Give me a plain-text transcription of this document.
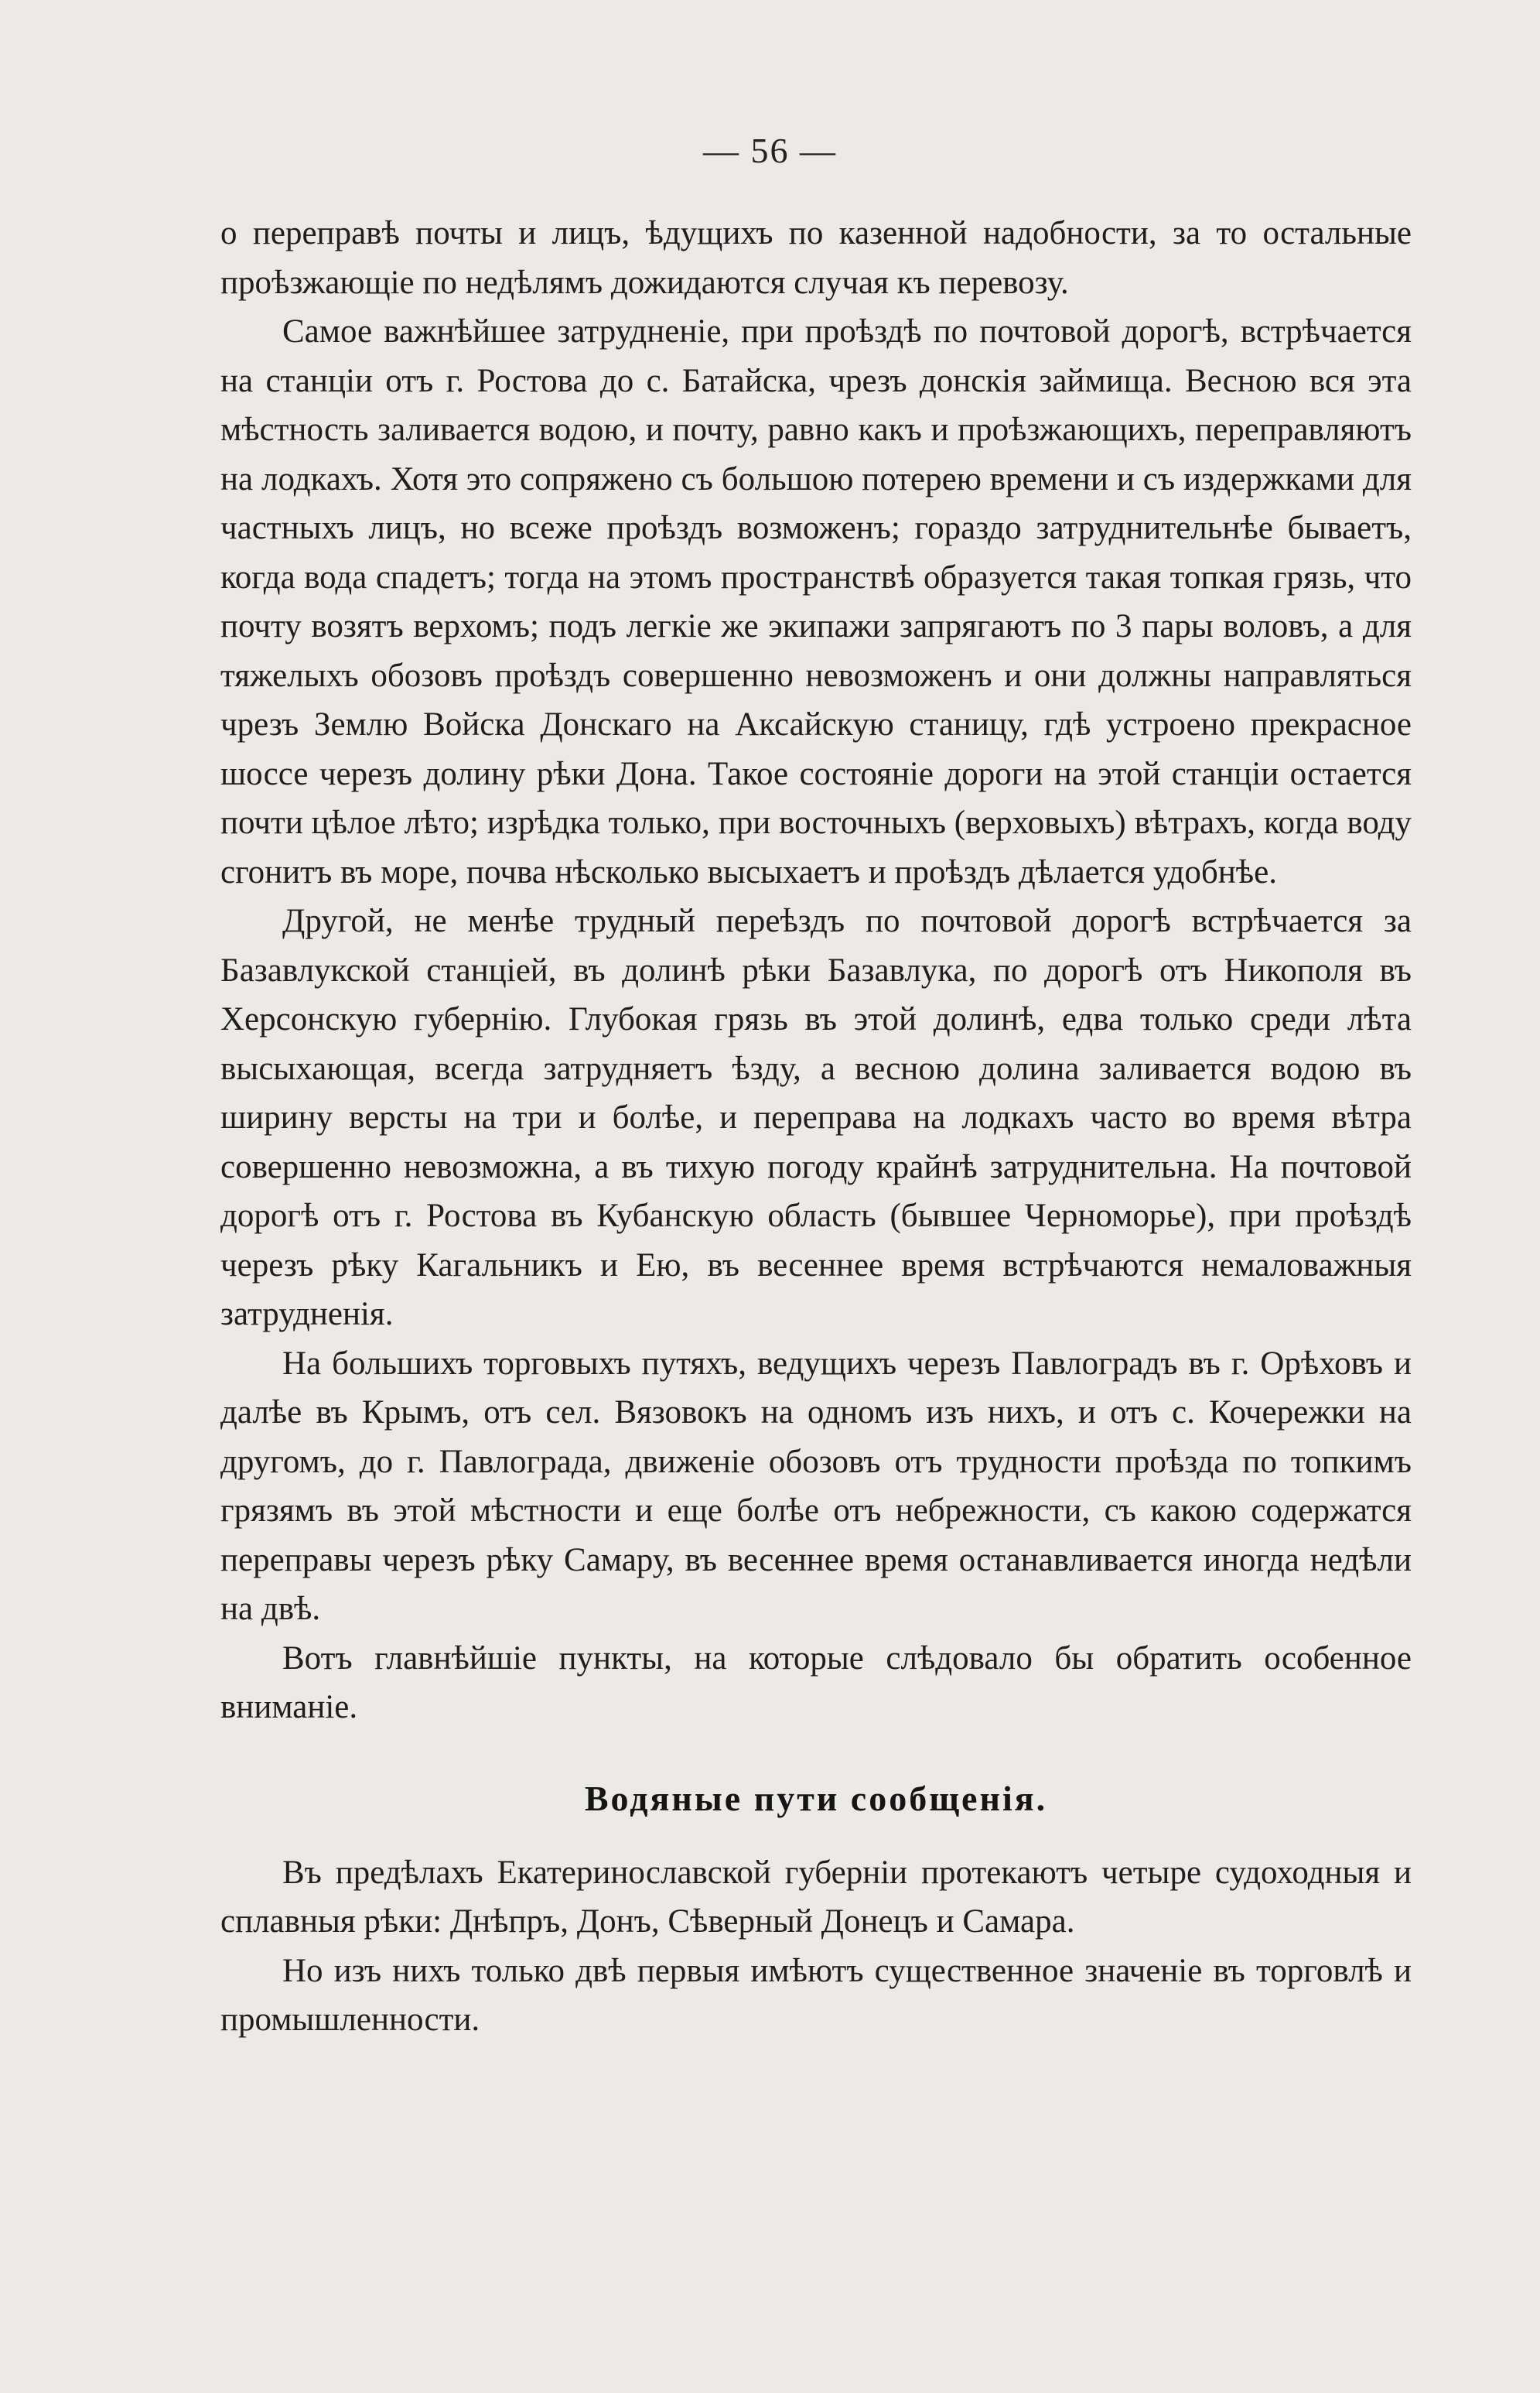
— 56 —

о переправѣ почты и лицъ, ѣдущихъ по казенной надобности, за то остальные проѣзжающіе по недѣлямъ дожидаются случая къ перевозу.

Самое важнѣйшее затрудненіе, при проѣздѣ по почтовой дорогѣ, встрѣчается на станціи отъ г. Ростова до с. Батайска, чрезъ донскія займища. Весною вся эта мѣстность заливается водою, и почту, равно какъ и проѣзжающихъ, переправляютъ на лодкахъ. Хотя это сопряжено съ большою потерею времени и съ издержками для частныхъ лицъ, но всеже проѣздъ возможенъ; гораздо затруднительнѣе бываетъ, когда вода спадетъ; тогда на этомъ пространствѣ образуется такая топкая грязь, что почту возятъ верхомъ; подъ легкіе же экипажи запрягаютъ по 3 пары воловъ, а для тяжелыхъ обозовъ проѣздъ совершенно невозможенъ и они должны направляться чрезъ Землю Войска Донскаго на Аксайскую станицу, гдѣ устроено прекрасное шоссе черезъ долину рѣки Дона. Такое состояніе дороги на этой станціи остается почти цѣлое лѣто; изрѣдка только, при восточныхъ (верховыхъ) вѣтрахъ, когда воду сгонитъ въ море, почва нѣсколько высыхаетъ и проѣздъ дѣлается удобнѣе.

Другой, не менѣе трудный переѣздъ по почтовой дорогѣ встрѣчается за Базавлукской станціей, въ долинѣ рѣки Базавлука, по дорогѣ отъ Никополя въ Херсонскую губернію. Глубокая грязь въ этой долинѣ, едва только среди лѣта высыхающая, всегда затрудняетъ ѣзду, а весною долина заливается водою въ ширину версты на три и болѣе, и переправа на лодкахъ часто во время вѣтра совершенно невозможна, а въ тихую погоду крайнѣ затруднительна. На почтовой дорогѣ отъ г. Ростова въ Кубанскую область (бывшее Черноморье), при проѣздѣ черезъ рѣку Кагальникъ и Ею, въ весеннее время встрѣчаются немаловажныя затрудненія.

На большихъ торговыхъ путяхъ, ведущихъ черезъ Павлоградъ въ г. Орѣховъ и далѣе въ Крымъ, отъ сел. Вязовокъ на одномъ изъ нихъ, и отъ с. Кочережки на другомъ, до г. Павлограда, движеніе обозовъ отъ трудности проѣзда по топкимъ грязямъ въ этой мѣстности и еще болѣе отъ небрежности, съ какою содержатся переправы черезъ рѣку Самару, въ весеннее время останавливается иногда недѣли на двѣ.

Вотъ главнѣйшіе пункты, на которые слѣдовало бы обратить особенное вниманіе.

Водяные пути сообщенія.

Въ предѣлахъ Екатеринославской губерніи протекаютъ четыре судоходныя и сплавныя рѣки: Днѣпръ, Донъ, Сѣверный Донецъ и Самара.

Но изъ нихъ только двѣ первыя имѣютъ существенное значеніе въ торговлѣ и промышленности.
